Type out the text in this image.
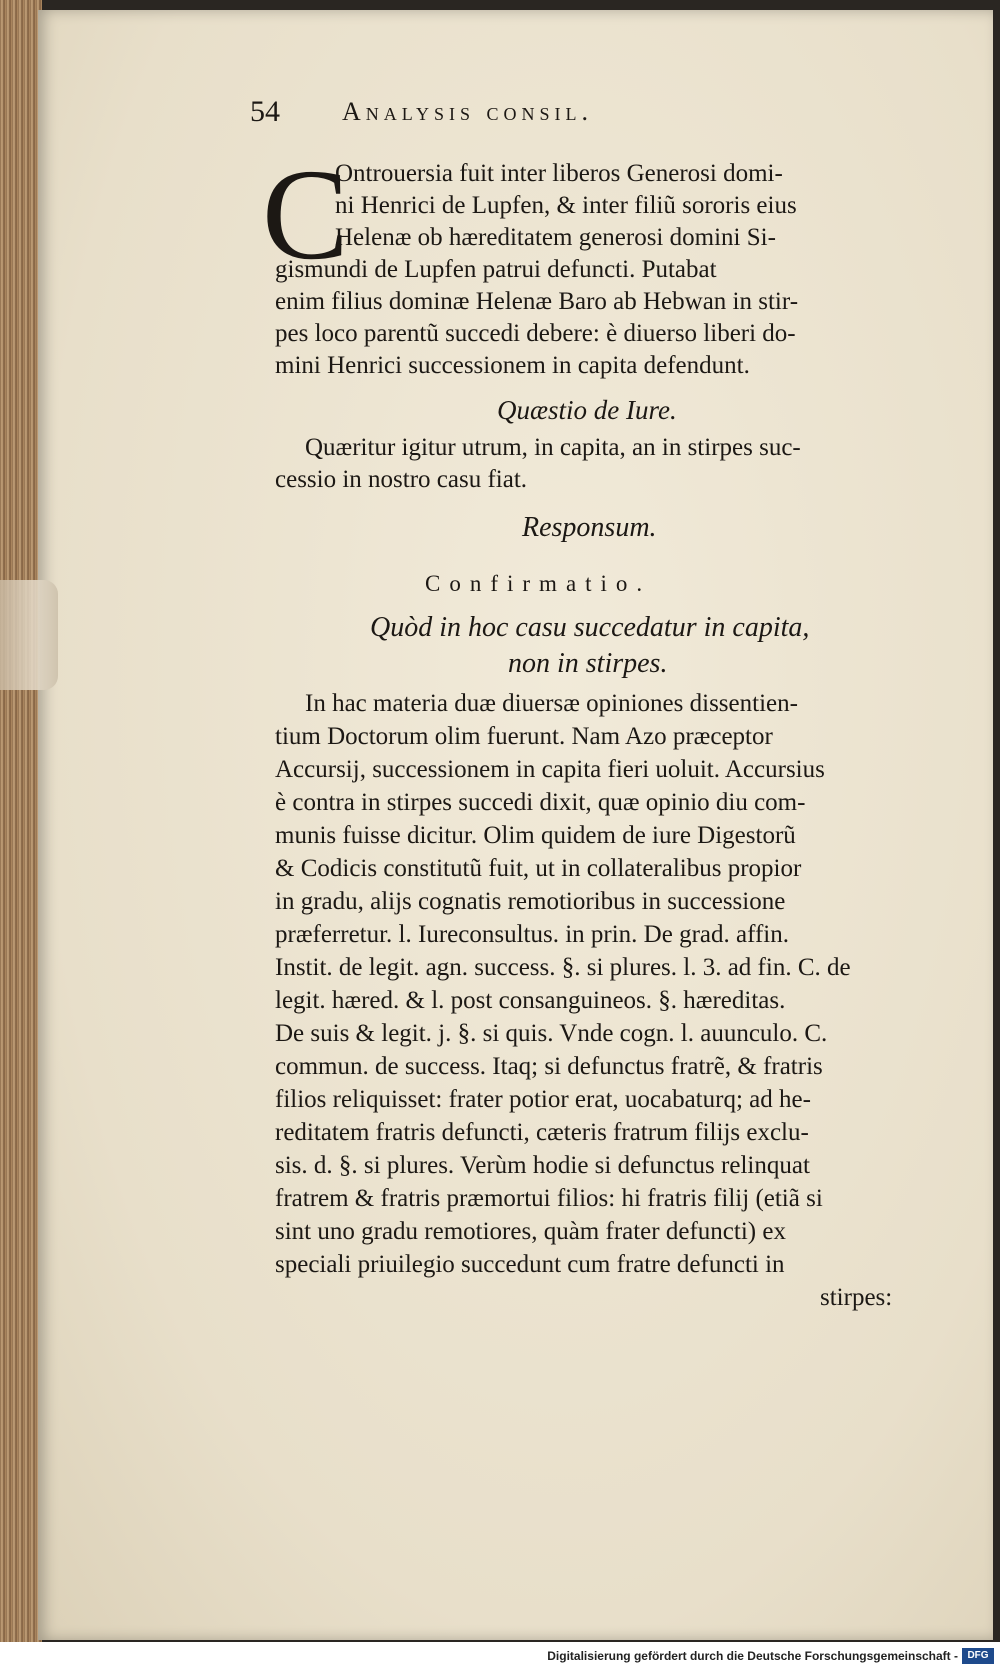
54 Analysis consil.
C
Ontrouersia fuit inter liberos Generosi domi-
ni Henrici de Lupfen, & inter filiũ sororis eius
Helenæ ob hæreditatem generosi domini Si-
gismundi de Lupfen patrui defuncti. Putabat
enim filius dominæ Helenæ Baro ab Hebwan in stir-
pes loco parentũ succedi debere: è diuerso liberi do-
mini Henrici successionem in capita defendunt.
Quæstio de Iure.
Quæritur igitur utrum, in capita, an in stirpes suc-
cessio in nostro casu fiat.
Responsum.
Confirmatio.
Quòd in hoc casu succedatur in capita,
non in stirpes.
In hac materia duæ diuersæ opiniones dissentien-
tium Doctorum olim fuerunt. Nam Azo præceptor
Accursij, successionem in capita fieri uoluit. Accursius
è contra in stirpes succedi dixit, quæ opinio diu com-
munis fuisse dicitur. Olim quidem de iure Digestorũ
& Codicis constitutũ fuit, ut in collateralibus propior
in gradu, alijs cognatis remotioribus in successione
præferretur. l. Iureconsultus. in prin. De grad. affin.
Instit. de legit. agn. success. §. si plures. l. 3. ad fin. C. de
legit. hæred. & l. post consanguineos. §. hæreditas.
De suis & legit. j. §. si quis. Vnde cogn. l. auunculo. C.
commun. de success. Itaq; si defunctus fratrẽ, & fratris
filios reliquisset: frater potior erat, uocabaturq; ad he-
reditatem fratris defuncti, cæteris fratrum filijs exclu-
sis. d. §. si plures. Verùm hodie si defunctus relinquat
fratrem & fratris præmortui filios: hi fratris filij (etiã si
sint uno gradu remotiores, quàm frater defuncti) ex
speciali priuilegio succedunt cum fratre defuncti in
stirpes:
Digitalisierung gefördert durch die Deutsche Forschungsgemeinschaft - DFG
